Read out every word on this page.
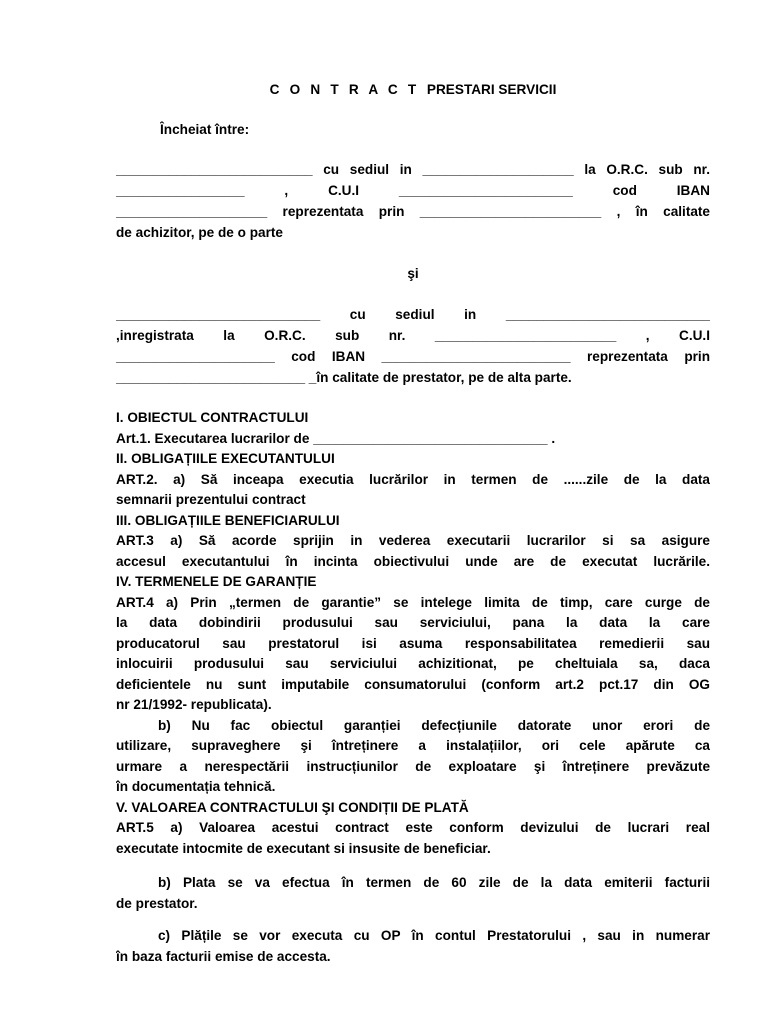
C O N T R A C T PRESTARI SERVICII
Încheiat între:
__________________________ cu sediul in ____________________ la O.R.C. sub nr.
_________________ , C.U.I _______________________ cod IBAN
____________________ reprezentata prin ________________________ , în calitate
de achizitor, pe de o parte
şi
___________________________ cu sediul in ___________________________
,inregistrata la O.R.C. sub nr. ________________________ , C.U.I
_____________________ cod IBAN _________________________ reprezentata prin
_________________________ _în calitate de prestator, pe de alta parte.
I. OBIECTUL CONTRACTULUI
Art.1. Executarea lucrarilor de _______________________________ .
II. OBLIGAȚIILE EXECUTANTULUI
ART.2. a) Să inceapa executia lucrărilor in termen de ......zile de la data
semnarii prezentului contract
III. OBLIGAȚIILE BENEFICIARULUI
ART.3 a) Să acorde sprijin in vederea executarii lucrarilor si sa asigure
accesul executantului în incinta obiectivului unde are de executat lucrările.
IV. TERMENELE DE GARANȚIE
ART.4 a) Prin „termen de garantie” se intelege limita de timp, care curge de
la data dobindirii produsului sau serviciului, pana la data la care
producatorul sau prestatorul isi asuma responsabilitatea remedierii sau
inlocuirii produsului sau serviciului achizitionat, pe cheltuiala sa, daca
deficientele nu sunt imputabile consumatorului (conform art.2 pct.17 din OG
nr 21/1992- republicata).
b) Nu fac obiectul garanției defecțiunile datorate unor erori de
utilizare, supraveghere şi întreținere a instalațiilor, ori cele apărute ca
urmare a nerespectării instrucțiunilor de exploatare şi întreținere prevăzute
în documentația tehnică.
V. VALOAREA CONTRACTULUI ŞI CONDIȚII DE PLATĂ
ART.5 a) Valoarea acestui contract este conform devizului de lucrari real
executate intocmite de executant si insusite de beneficiar.
b) Plata se va efectua în termen de 60 zile de la data emiterii facturii
de prestator.
c) Plățile se vor executa cu OP în contul Prestatorului , sau in numerar
în baza facturii emise de accesta.
